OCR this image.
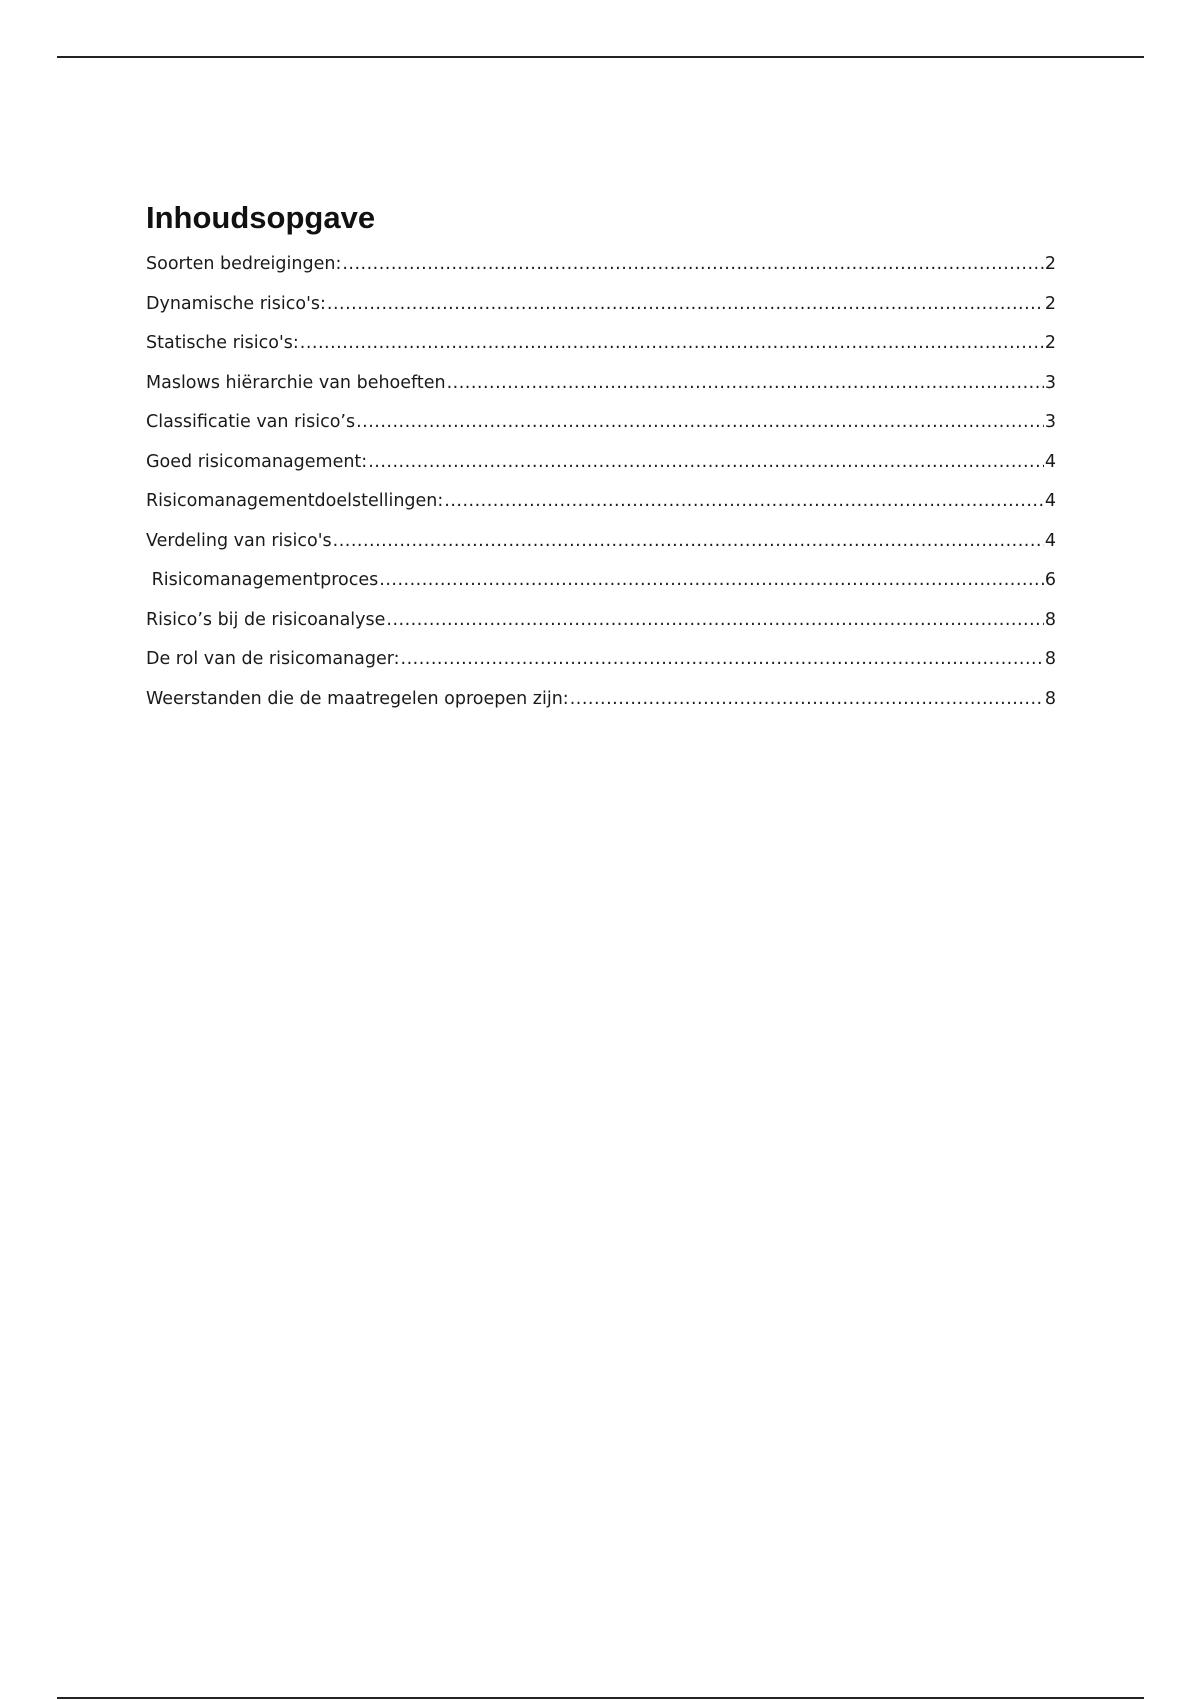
Inhoudsopgave
Soorten bedreigingen: .....	2
Dynamische risico's: .....	2
Statische risico's: .....	2
Maslows hiërarchie van behoeften .....	3
Classificatie van risico’s .....	3
Goed risicomanagement: .....	4
Risicomanagementdoelstellingen: .....	4
Verdeling van risico's .....	4
Risicomanagementproces .....	6
Risico’s bij de risicoanalyse .....	8
De rol van de risicomanager: .....	8
Weerstanden die de maatregelen oproepen zijn: .....	8
